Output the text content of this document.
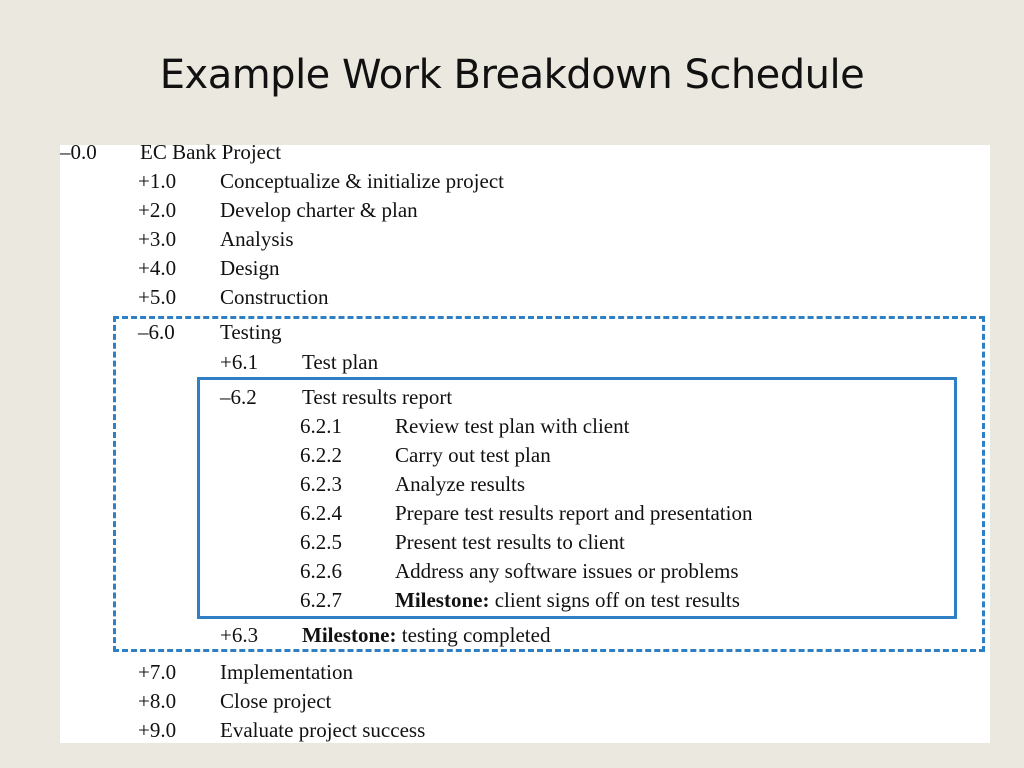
Example Work Breakdown Schedule
–0.0 EC Bank Project
+1.0 Conceptualize & initialize project
+2.0 Develop charter & plan
+3.0 Analysis
+4.0 Design
+5.0 Construction
–6.0 Testing
+6.1 Test plan
–6.2 Test results report
6.2.1	Review test plan with client
6.2.2	Carry out test plan
6.2.3	Analyze results
6.2.4	Prepare test results report and presentation
6.2.5	Present test results to client
6.2.6	Address any software issues or problems
6.2.7	Milestone: client signs off on test results
+6.3 Milestone: testing completed
+7.0 Implementation
+8.0 Close project
+9.0 Evaluate project success
